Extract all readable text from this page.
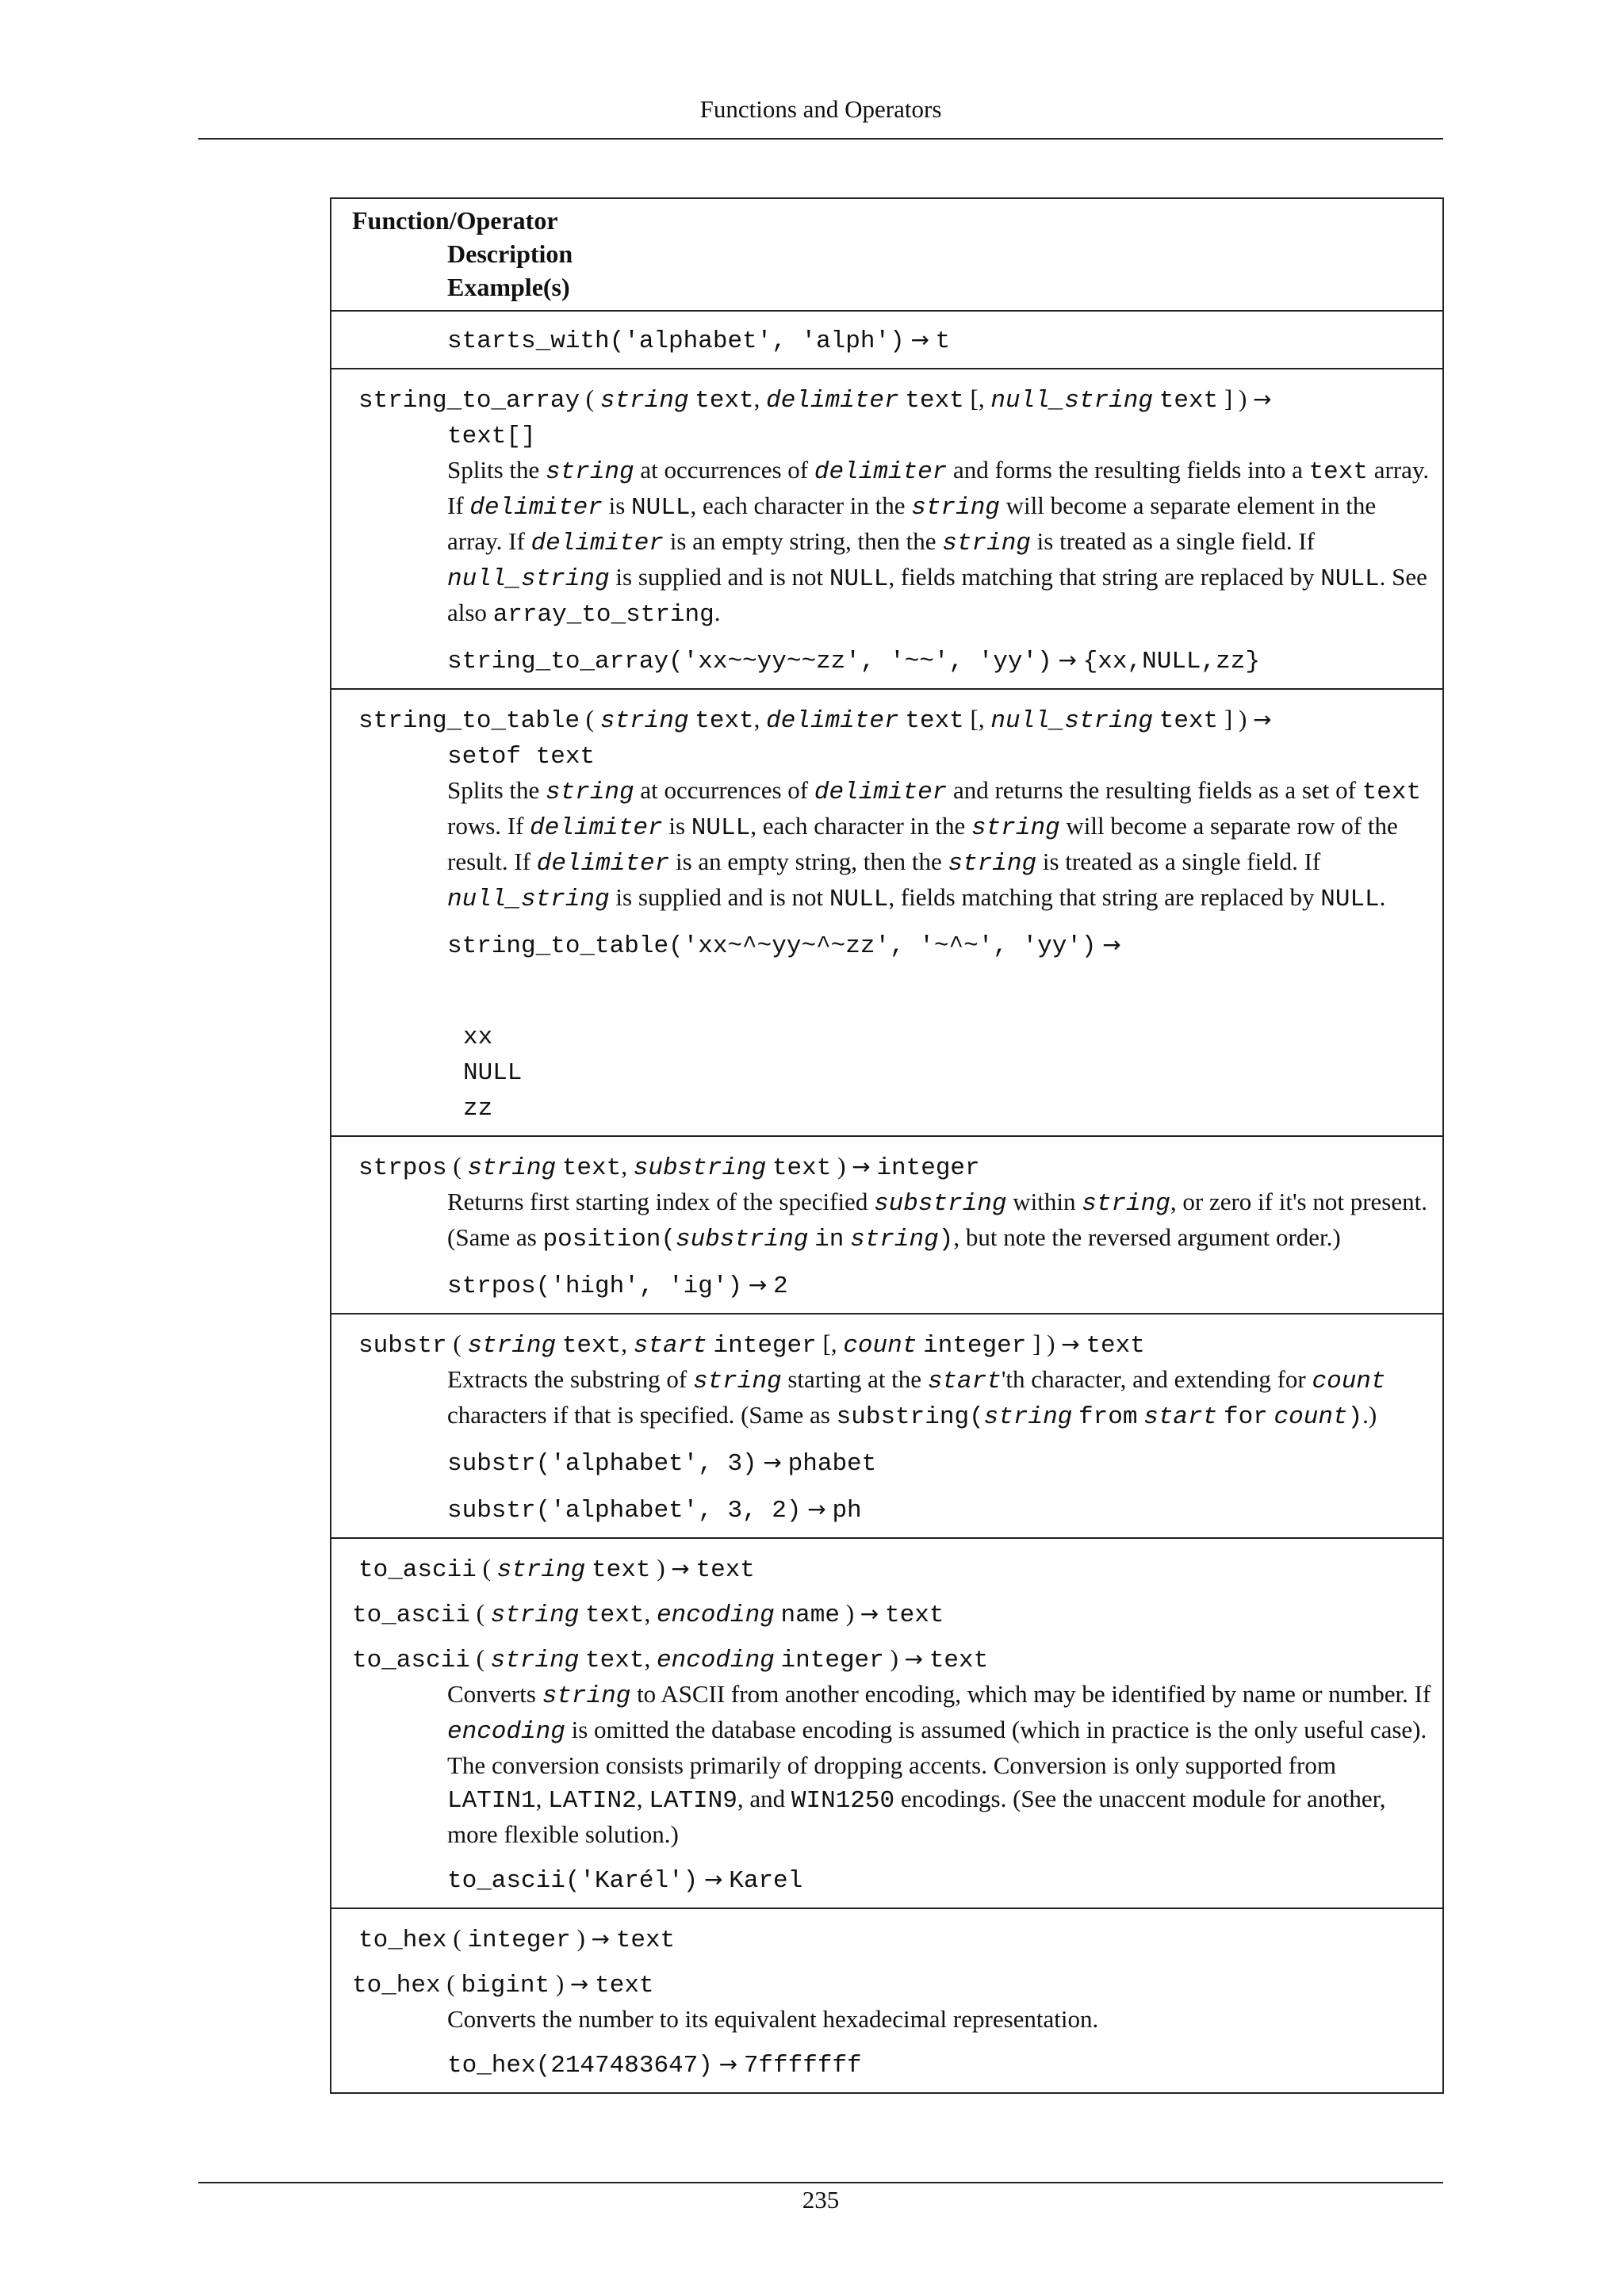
Functions and Operators
Function/Operator
Description
Example(s)
starts_with('alphabet', 'alph') → t
string_to_array ( string text, delimiter text [, null_string text ] ) →
text[]
Splits the string at occurrences of delimiter and forms the resulting fields into a text array. If delimiter is NULL, each character in the string will become a separate element in the array. If delimiter is an empty string, then the string is treated as a single field. If null_string is supplied and is not NULL, fields matching that string are replaced by NULL. See also array_to_string.
string_to_array('xx~~yy~~zz', '~~', 'yy') → {xx,NULL,zz}
string_to_table ( string text, delimiter text [, null_string text ] ) →
setof text
Splits the string at occurrences of delimiter and returns the resulting fields as a set of text rows. If delimiter is NULL, each character in the string will become a separate row of the result. If delimiter is an empty string, then the string is treated as a single field. If null_string is supplied and is not NULL, fields matching that string are replaced by NULL.
string_to_table('xx~^~yy~^~zz', '~^~', 'yy') →
xx
NULL
zz
strpos ( string text, substring text ) → integer
Returns first starting index of the specified substring within string, or zero if it's not present. (Same as position(substring in string), but note the reversed argument order.)
strpos('high', 'ig') → 2
substr ( string text, start integer [, count integer ] ) → text
Extracts the substring of string starting at the start'th character, and extending for count characters if that is specified. (Same as substring(string from start for count).)
substr('alphabet', 3) → phabet
substr('alphabet', 3, 2) → ph
to_ascii ( string text ) → text
to_ascii ( string text, encoding name ) → text
to_ascii ( string text, encoding integer ) → text
Converts string to ASCII from another encoding, which may be identified by name or number. If encoding is omitted the database encoding is assumed (which in practice is the only useful case). The conversion consists primarily of dropping accents. Conversion is only supported from LATIN1, LATIN2, LATIN9, and WIN1250 encodings. (See the unaccent module for another, more flexible solution.)
to_ascii('Karél') → Karel
to_hex ( integer ) → text
to_hex ( bigint ) → text
Converts the number to its equivalent hexadecimal representation.
to_hex(2147483647) → 7fffffff
235
